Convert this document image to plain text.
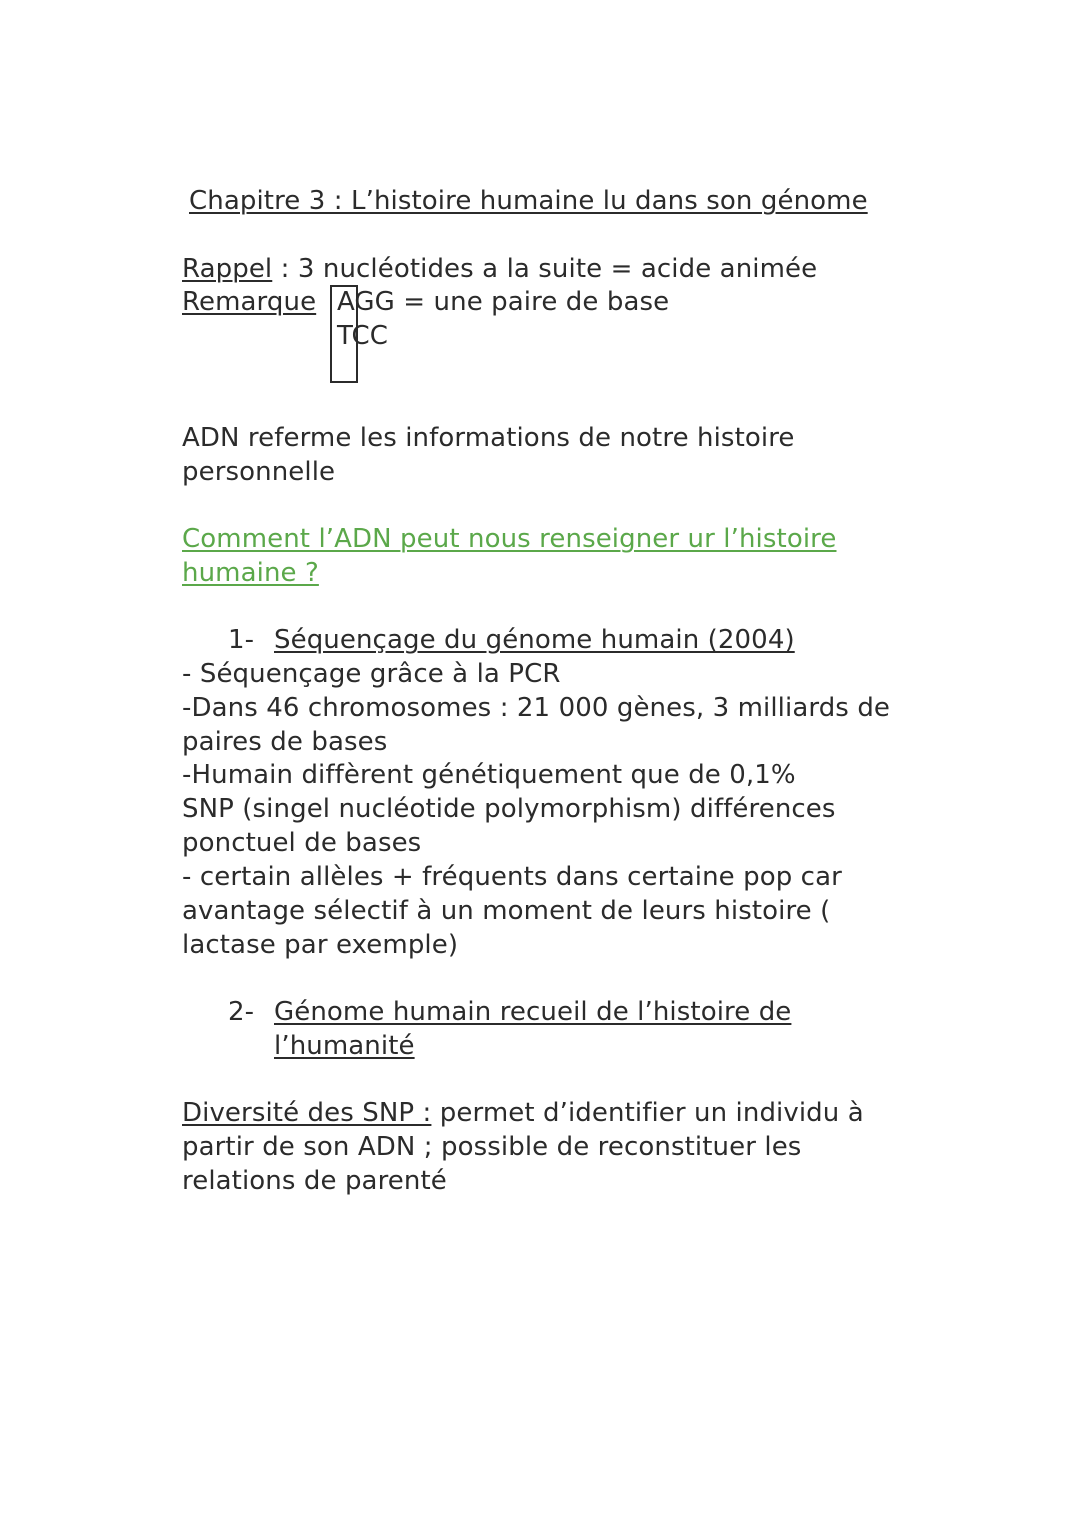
Chapitre 3 : L’histoire humaine lu dans son génome
Rappel : 3 nucléotides a la suite = acide animée
Remarque AGG = une paire de base
TCC
ADN referme les informations de notre histoire
personnelle
Comment l’ADN peut nous renseigner ur l’histoire
humaine ?
1- Séquençage du génome humain (2004)
- Séquençage grâce à la PCR
-Dans 46 chromosomes : 21 000 gènes, 3 milliards de
paires de bases
-Humain diffèrent génétiquement que de 0,1%
SNP (singel nucléotide polymorphism) différences
ponctuel de bases
- certain allèles + fréquents dans certaine pop car
avantage sélectif à un moment de leurs histoire (
lactase par exemple)
2- Génome humain recueil de l’histoire de
l’humanité
Diversité des SNP : permet d’identifier un individu à
partir de son ADN ; possible de reconstituer les
relations de parenté
